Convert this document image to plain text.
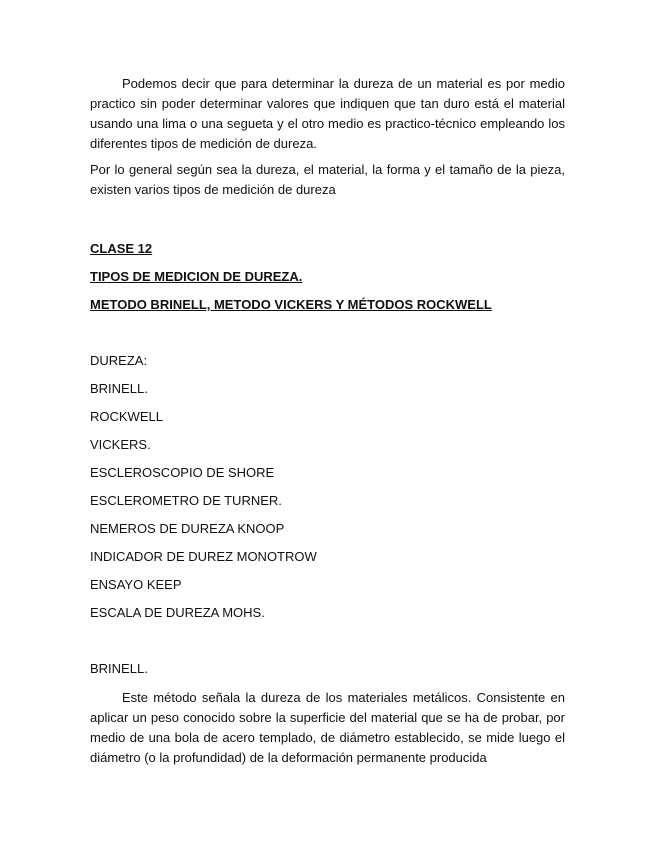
Podemos decir que para determinar la dureza de un material es por medio practico sin poder determinar valores que indiquen que tan duro está el material usando una lima o una segueta y el otro medio es practico-técnico empleando los diferentes tipos de medición de dureza.

Por lo general según sea la dureza, el material, la forma y el tamaño de la pieza, existen varios tipos de medición de dureza

CLASE 12

TIPOS DE MEDICION DE DUREZA.

METODO BRINELL, METODO VICKERS Y MÉTODOS ROCKWELL

DUREZA:

BRINELL.

ROCKWELL

VICKERS.

ESCLEROSCOPIO DE SHORE

ESCLEROMETRO DE TURNER.

NEMEROS DE DUREZA KNOOP

INDICADOR DE DUREZ MONOTROW

ENSAYO KEEP

ESCALA DE DUREZA MOHS.

BRINELL.

Este método señala la dureza de los materiales metálicos. Consistente en aplicar un peso conocido sobre la superficie del material que se ha de probar, por medio de una bola de acero templado, de diámetro establecido, se mide luego el diámetro (o la profundidad) de la deformación permanente producida
